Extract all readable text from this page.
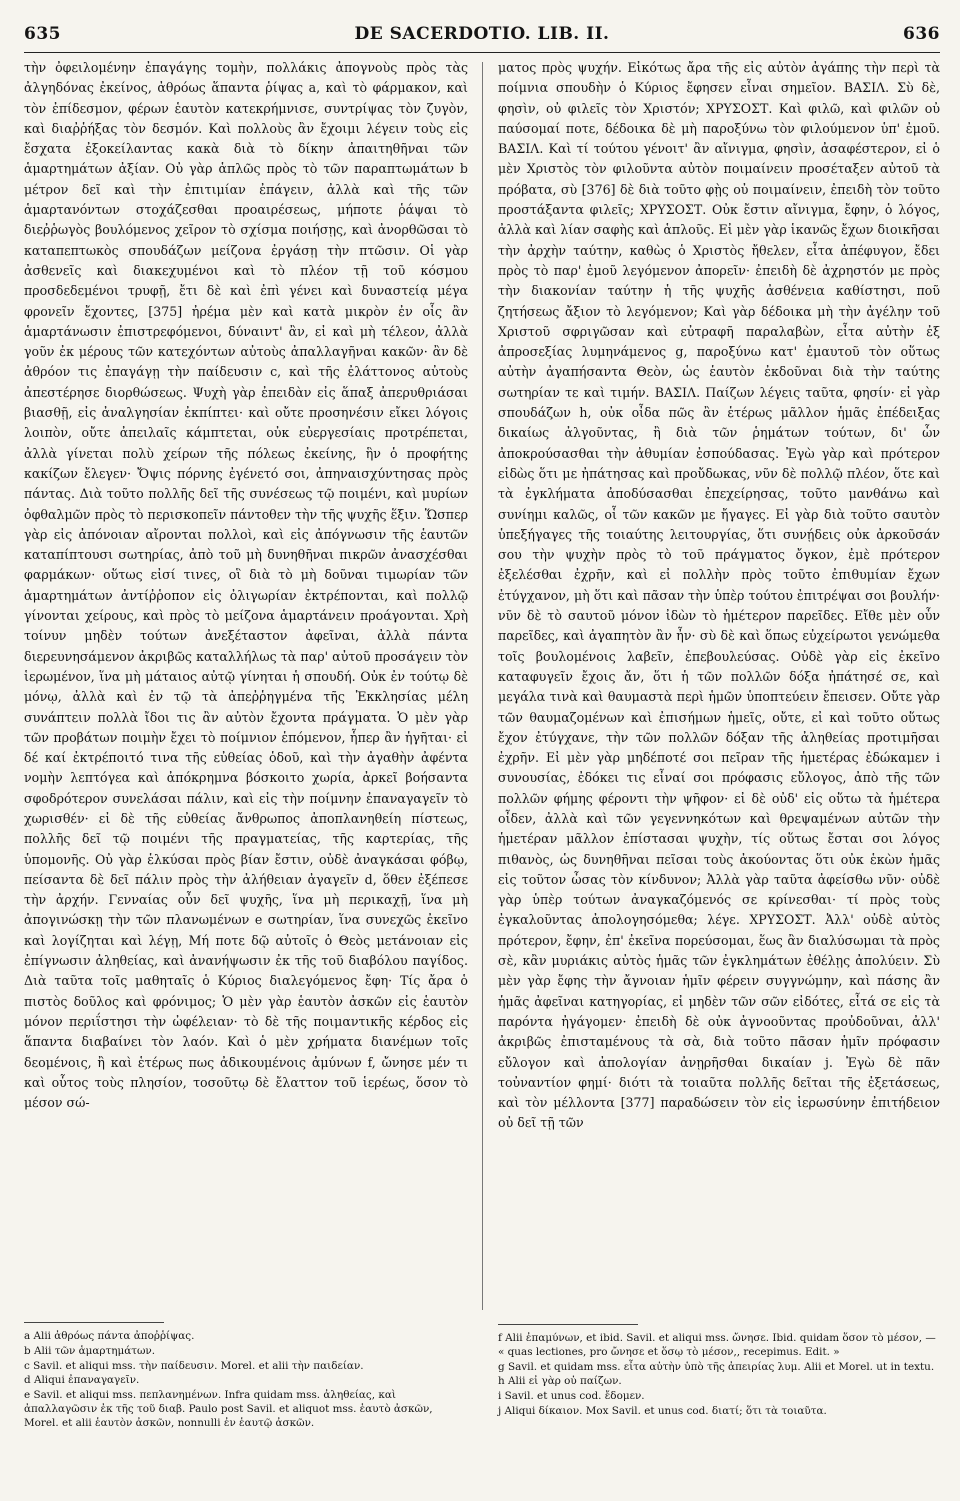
635	DE SACERDOTIO. LIB. II.	636

τὴν ὀφειλομένην ἐπαγάγης τομὴν, πολλάκις ἀπογνοὺς πρὸς τὰς ἀλγηδόνας ἐκείνος, ἀθρόως ἅπαντα ῥίψας a, καὶ τὸ φάρμακον, καὶ τὸν ἐπίδεσμον, φέρων ἑαυτὸν κατεκρήμνισε, συντρίψας τὸν ζυγὸν, καὶ διαῤῥήξας τὸν δεσμόν. Καὶ πολλοὺς ἂν ἔχοιμι λέγειν τοὺς εἰς ἔσχατα ἐξοκείλαντας κακὰ διὰ τὸ δίκην ἀπαιτηθῆναι τῶν ἁμαρτημάτων ἀξίαν. Οὐ γὰρ ἁπλῶς πρὸς τὸ τῶν παραπτωμάτων b μέτρον δεῖ καὶ τὴν ἐπιτιμίαν ἐπάγειν, ἀλλὰ καὶ τῆς τῶν ἁμαρτανόντων στοχάζεσθαι προαιρέσεως, μήποτε ῥάψαι τὸ διεῤῥωγὸς βουλόμενος χεῖρον τὸ σχίσμα ποιήσῃς, καὶ ἀνορθῶσαι τὸ καταπεπτωκὸς σπουδάζων μείζονα ἐργάσῃ τὴν πτῶσιν. Οἱ γὰρ ἀσθενεῖς καὶ διακεχυμένοι καὶ τὸ πλέον τῇ τοῦ κόσμου προσδεδεμένοι τρυφῇ, ἔτι δὲ καὶ ἐπὶ γένει καὶ δυναστείᾳ μέγα φρονεῖν ἔχοντες, [375] ἠρέμα μὲν καὶ κατὰ μικρὸν ἐν οἷς ἂν ἁμαρτάνωσιν ἐπιστρεφόμενοι, δύναιντ' ἂν, εἰ καὶ μὴ τέλεον, ἀλλὰ γοῦν ἐκ μέρους τῶν κατεχόντων αὐτοὺς ἀπαλλαγῆναι κακῶν· ἂν δὲ ἀθρόον τις ἐπαγάγῃ τὴν παίδευσιν c, καὶ τῆς ἐλάττονος αὐτοὺς ἀπεστέρησε διορθώσεως. Ψυχὴ γὰρ ἐπειδὰν εἰς ἅπαξ ἀπερυθριάσαι βιασθῇ, εἰς ἀναλγησίαν ἐκπίπτει· καὶ οὔτε προσηνέσιν εἴκει λόγοις λοιπὸν, οὔτε ἀπειλαῖς κάμπτεται, οὐκ εὐεργεσίαις προτρέπεται, ἀλλὰ γίνεται πολὺ χείρων τῆς πόλεως ἐκείνης, ἣν ὁ προφήτης κακίζων ἔλεγεν· Ὄψις πόρνης ἐγένετό σοι, ἀπηναισχύντησας πρὸς πάντας. Διὰ τοῦτο πολλῆς δεῖ τῆς συνέσεως τῷ ποιμένι, καὶ μυρίων ὀφθαλμῶν πρὸς τὸ περισκοπεῖν πάντοθεν τὴν τῆς ψυχῆς ἕξιν. Ὥσπερ γὰρ εἰς ἀπόνοιαν αἴρονται πολλοὶ, καὶ εἰς ἀπόγνωσιν τῆς ἑαυτῶν καταπίπτουσι σωτηρίας, ἀπὸ τοῦ μὴ δυνηθῆναι πικρῶν ἀνασχέσθαι φαρμάκων· οὕτως εἰσί τινες, οἳ διὰ τὸ μὴ δοῦναι τιμωρίαν τῶν ἁμαρτημάτων ἀντίῤῥοπον εἰς ὀλιγωρίαν ἐκτρέπονται, καὶ πολλῷ γίνονται χείρους, καὶ πρὸς τὸ μείζονα ἁμαρτάνειν προάγονται. Χρὴ τοίνυν μηδὲν τούτων ἀνεξέταστον ἀφεῖναι, ἀλλὰ πάντα διερευνησάμενον ἀκριβῶς καταλλήλως τὰ παρ' αὐτοῦ προσάγειν τὸν ἱερωμένον, ἵνα μὴ μάταιος αὐτῷ γίνηται ἡ σπουδή. Οὐκ ἐν τούτῳ δὲ μόνῳ, ἀλλὰ καὶ ἐν τῷ τὰ ἀπεῤῥηγμένα τῆς Ἐκκλησίας μέλη συνάπτειν πολλὰ ἴδοι τις ἂν αὐτὸν ἔχοντα πράγματα. Ὁ μὲν γὰρ τῶν προβάτων ποιμὴν ἔχει τὸ ποίμνιον ἑπόμενον, ἧπερ ἂν ἡγῆται· εἰ δέ καί ἐκτρέποιτό τινα τῆς εὐθείας ὁδοῦ, καὶ τὴν ἀγαθὴν ἀφέντα νομὴν λεπτόγεα καὶ ἀπόκρημνα βόσκοιτο χωρία, ἀρκεῖ βοήσαντα σφοδρότερον συνελάσαι πάλιν, καὶ εἰς τὴν ποίμνην ἐπαναγαγεῖν τὸ χωρισθέν· εἰ δὲ τῆς εὐθείας ἄνθρωπος ἀποπλανηθείη πίστεως, πολλῆς δεῖ τῷ ποιμένι τῆς πραγματείας, τῆς καρτερίας, τῆς ὑπομονῆς. Οὐ γὰρ ἑλκύσαι πρὸς βίαν ἔστιν, οὐδὲ ἀναγκάσαι φόβῳ, πείσαντα δὲ δεῖ πάλιν πρὸς τὴν ἀλήθειαν ἀγαγεῖν d, ὅθεν ἐξέπεσε τὴν ἀρχήν. Γενναίας οὖν δεῖ ψυχῆς, ἵνα μὴ περικαχῇ, ἵνα μὴ ἀπογινώσκῃ τὴν τῶν πλανωμένων e σωτηρίαν, ἵνα συνεχῶς ἐκεῖνο καὶ λογίζηται καὶ λέγῃ, Μή ποτε δῷ αὐτοῖς ὁ Θεὸς μετάνοιαν εἰς ἐπίγνωσιν ἀληθείας, καὶ ἀνανήψωσιν ἐκ τῆς τοῦ διαβόλου παγίδος. Διὰ ταῦτα τοῖς μαθηταῖς ὁ Κύριος διαλεγόμενος ἔφη· Τίς ἄρα ὁ πιστὸς δοῦλος καὶ φρόνιμος; Ὁ μὲν γὰρ ἑαυτὸν ἀσκῶν εἰς ἑαυτὸν μόνον περιΐστησι τὴν ὠφέλειαν· τὸ δὲ τῆς ποιμαντικῆς κέρδος εἰς ἅπαντα διαβαίνει τὸν λαόν. Καὶ ὁ μὲν χρήματα διανέμων τοῖς δεομένοις, ἢ καὶ ἑτέρως πως ἀδικουμένοις ἀμύνων f, ὤνησε μέν τι καὶ οὗτος τοὺς πλησίον, τοσοῦτῳ δὲ ἔλαττον τοῦ ἱερέως, ὅσον τὸ μέσον σώ-

ματος πρὸς ψυχήν. Εἰκότως ἄρα τῆς εἰς αὐτὸν ἀγάπης τὴν περὶ τὰ ποίμνια σπουδὴν ὁ Κύριος ἔφησεν εἶναι σημεῖον. ΒΑΣΙΛ. Σὺ δὲ, φησὶν, οὐ φιλεῖς τὸν Χριστόν; ΧΡΥΣΟΣΤ. Καὶ φιλῶ, καὶ φιλῶν οὐ παύσομαί ποτε, δέδοικα δὲ μὴ παροξύνω τὸν φιλούμενον ὑπ' ἐμοῦ. ΒΑΣΙΛ. Καὶ τί τούτου γένοιτ' ἂν αἴνιγμα, φησὶν, ἀσαφέστερον, εἰ ὁ μὲν Χριστὸς τὸν φιλοῦντα αὐτὸν ποιμαίνειν προσέταξεν αὐτοῦ τὰ πρόβατα, σὺ [376] δὲ διὰ τοῦτο φῂς οὐ ποιμαίνειν, ἐπειδὴ τὸν τοῦτο προστάξαντα φιλεῖς; ΧΡΥΣΟΣΤ. Οὐκ ἔστιν αἴνιγμα, ἔφην, ὁ λόγος, ἀλλὰ καὶ λίαν σαφὴς καὶ ἁπλοῦς. Εἰ μὲν γὰρ ἱκανῶς ἔχων διοικῆσαι τὴν ἀρχὴν ταύτην, καθὼς ὁ Χριστὸς ἤθελεν, εἶτα ἀπέφυγον, ἔδει πρὸς τὸ παρ' ἐμοῦ λεγόμενον ἀπορεῖν· ἐπειδὴ δὲ ἀχρηστόν με πρὸς τὴν διακονίαν ταύτην ἡ τῆς ψυχῆς ἀσθένεια καθίστησι, ποῦ ζητήσεως ἄξιον τὸ λεγόμενον; Καὶ γὰρ δέδοικα μὴ τὴν ἀγέλην τοῦ Χριστοῦ σφριγῶσαν καὶ εὐτραφῆ παραλαβὼν, εἶτα αὐτὴν ἐξ ἀπροσεξίας λυμηνάμενος g, παροξύνω κατ' ἐμαυτοῦ τὸν οὕτως αὐτὴν ἀγαπήσαντα Θεὸν, ὡς ἑαυτὸν ἐκδοῦναι διὰ τὴν ταύτης σωτηρίαν τε καὶ τιμήν. ΒΑΣΙΛ. Παίζων λέγεις ταῦτα, φησίν· εἰ γὰρ σπουδάζων h, οὐκ οἶδα πῶς ἂν ἑτέρως μᾶλλον ἡμᾶς ἐπέδειξας δικαίως ἀλγοῦντας, ἢ διὰ τῶν ῥημάτων τούτων, δι' ὧν ἀποκρούσασθαι τὴν ἀθυμίαν ἐσπούδασας. Ἐγὼ γὰρ καὶ πρότερον εἰδὼς ὅτι με ἠπάτησας καὶ προὔδωκας, νῦν δὲ πολλῷ πλέον, ὅτε καὶ τὰ ἐγκλήματα ἀποδύσασθαι ἐπεχείρησας, τοῦτο μανθάνω καὶ συνίημι καλῶς, οἷ τῶν κακῶν με ἤγαγες. Εἰ γὰρ διὰ τοῦτο σαυτὸν ὑπεξήγαγες τῆς τοιαύτης λειτουργίας, ὅτι συνῄδεις οὐκ ἀρκοῦσάν σου τὴν ψυχὴν πρὸς τὸ τοῦ πράγματος ὄγκον, ἐμὲ πρότερον ἐξελέσθαι ἐχρῆν, καὶ εἰ πολλὴν πρὸς τοῦτο ἐπιθυμίαν ἔχων ἐτύγχανον, μὴ ὅτι καὶ πᾶσαν τὴν ὑπὲρ τούτου ἐπιτρέψαι σοι βουλήν· νῦν δὲ τὸ σαυτοῦ μόνον ἰδὼν τὸ ἡμέτερον παρεῖδες. Εἴθε μὲν οὖν παρεῖδες, καὶ ἀγαπητὸν ἂν ἦν· σὺ δὲ καὶ ὅπως εὐχείρωτοι γενώμεθα τοῖς βουλομένοις λαβεῖν, ἐπεβουλεύσας. Οὐδὲ γὰρ εἰς ἐκεῖνο καταφυγεῖν ἔχοις ἄν, ὅτι ἡ τῶν πολλῶν δόξα ἠπάτησέ σε, καὶ μεγάλα τινὰ καὶ θαυμαστὰ περὶ ἡμῶν ὑποπτεύειν ἔπεισεν. Οὔτε γὰρ τῶν θαυμαζομένων καὶ ἐπισήμων ἡμεῖς, οὔτε, εἰ καὶ τοῦτο οὕτως ἔχον ἐτύγχανε, τὴν τῶν πολλῶν δόξαν τῆς ἀληθείας προτιμῆσαι ἐχρῆν. Εἰ μὲν γὰρ μηδέποτέ σοι πεῖραν τῆς ἡμετέρας ἐδώκαμεν i συνουσίας, ἐδόκει τις εἶναί σοι πρόφασις εὔλογος, ἀπὸ τῆς τῶν πολλῶν φήμης φέροντι τὴν ψῆφον· εἰ δὲ οὐδ' εἰς οὕτω τὰ ἡμέτερα οἶδεν, ἀλλὰ καὶ τῶν γεγεννηκότων καὶ θρεψαμένων αὐτῶν τὴν ἡμετέραν μᾶλλον ἐπίστασαι ψυχὴν, τίς οὕτως ἔσται σοι λόγος πιθανὸς, ὡς δυνηθῆναι πεῖσαι τοὺς ἀκούοντας ὅτι οὐκ ἑκὼν ἡμᾶς εἰς τοῦτον ὦσας τὸν κίνδυνον; Ἀλλὰ γὰρ ταῦτα ἀφείσθω νῦν· οὐδὲ γὰρ ὑπὲρ τούτων ἀναγκαζόμενός σε κρίνεσθαι· τί πρὸς τοὺς ἐγκαλοῦντας ἀπολογησόμεθα; λέγε. ΧΡΥΣΟΣΤ. Ἀλλ' οὐδὲ αὐτὸς πρότερον, ἔφην, ἐπ' ἐκεῖνα πορεύσομαι, ἕως ἂν διαλύσωμαι τὰ πρὸς σὲ, κἂν μυριάκις αὐτὸς ἡμᾶς τῶν ἐγκλημάτων ἐθέλῃς ἀπολύειν. Σὺ μὲν γὰρ ἔφης τὴν ἄγνοιαν ἡμῖν φέρειν συγγνώμην, καὶ πάσης ἂν ἡμᾶς ἀφεῖναι κατηγορίας, εἰ μηδὲν τῶν σῶν εἰδότες, εἶτά σε εἰς τὰ παρόντα ἠγάγομεν· ἐπειδὴ δὲ οὐκ ἀγνοοῦντας προὐδοῦναι, ἀλλ' ἀκριβῶς ἐπισταμένους τὰ σὰ, διὰ τοῦτο πᾶσαν ἡμῖν πρόφασιν εὔλογον καὶ ἀπολογίαν ἀνῃρῆσθαι δικαίαν j. Ἐγὼ δὲ πᾶν τοὐναντίον φημί· διότι τὰ τοιαῦτα πολλῆς δεῖται τῆς ἐξετάσεως, καὶ τὸν μέλλοντα [377] παραδώσειν τὸν εἰς ἱερωσύνην ἐπιτήδειον οὐ δεῖ τῇ τῶν

a Alii ἀθρόως πάντα ἀποῤῥίψας.
b Alii τῶν ἁμαρτημάτων.
c Savil. et aliqui mss. τὴν παίδευσιν. Morel. et alii τὴν παιδείαν.
d Aliqui ἐπαναγαγεῖν.
e Savil. et aliqui mss. πεπλανημένων. Infra quidam mss. ἀληθείας, καὶ ἀπαλλαγῶσιν ἐκ τῆς τοῦ διαβ. Paulo post Savil. et aliquot mss. ἑαυτὸ ἀσκῶν, Morel. et alii ἑαυτὸν ἀσκῶν, nonnulli ἐν ἑαυτῷ ἀσκῶν.
f Alii ἐπαμύνων, et ibid. Savil. et aliqui mss. ὤνησε. Ibid. quidam ὅσον τὸ μέσον, — « quas lectiones, pro ὤνησε et ὅσῳ τὸ μέσον,, recepimus. Edit. »
g Savil. et quidam mss. εἶτα αὐτὴν ὑπὸ τῆς ἀπειρίας λυμ. Alii et Morel. ut in textu.
h Alii εἰ γὰρ οὐ παίζων.
i Savil. et unus cod. ἔδομεν.
j Aliqui δίκαιον. Mox Savil. et unus cod. διατί; ὅτι τὰ τοιαῦτα.
